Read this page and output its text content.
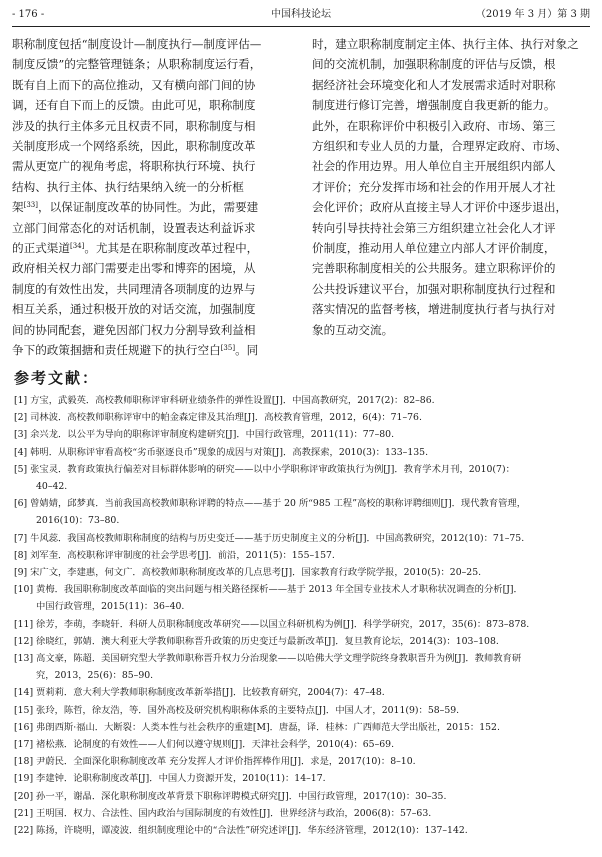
- 176 -	中国科技论坛	（2019 年 3 月）第 3 期
职称制度包括“制度设计—制度执行—制度评估—
制度反馈”的完整管理链条；从职称制度运行看，
既有自上而下的高位推动，又有横向部门间的协
调，还有自下而上的反馈。由此可见，职称制度
涉及的执行主体多元且权责不同，职称制度与相
关制度形成一个网络系统，因此，职称制度改革
需从更宽广的视角考虑，将职称执行环境、执行
结构、执行主体、执行结果纳入统一的分析框
架[33]，以保证制度改革的协同性。为此，需要建
立部门间常态化的对话机制，设置表达利益诉求
的正式渠道[34]。尤其是在职称制度改革过程中，
政府相关权力部门需要走出零和博弈的困境，从
制度的有效性出发，共同理清各项制度的边界与
相互关系，通过积极开放的对话交流，加强制度
间的协同配套，避免因部门权力分割导致利益相
争下的政策掴搪和责任规避下的执行空白[35]。同
时，建立职称制度制定主体、执行主体、执行对象之
间的交流机制，加强职称制度的评估与反馈，根
据经济社会环境变化和人才发展需求适时对职称
制度进行修订完善，增强制度自我更新的能力。
此外，在职称评价中积极引入政府、市场、第三
方组织和专业人员的力量，合理界定政府、市场、
社会的作用边界。用人单位自主开展组织内部人
才评价；充分发挥市场和社会的作用开展人才社
会化评价；政府从直接主导人才评价中逐步退出，
转向引导扶持社会第三方组织建立社会化人才评
价制度，推动用人单位建立内部人才评价制度，
完善职称制度相关的公共服务。建立职称评价的
公共投诉建议平台，加强对职称制度执行过程和
落实情况的监督考核，增进制度执行者与执行对
象的互动交流。
参考文献：
[1] 方宝，武毅英．高校教师职称评审科研业绩条件的弹性设置[J]．中国高教研究，2017(2)：82–86.
[2] 司林波．高校教师职称评审中的帕金森定律及其治理[J]．高校教育管理，2012，6(4)：71–76.
[3] 余兴龙．以公平为导向的职称评审制度构建研究[J]．中国行政管理，2011(11)：77–80.
[4] 韩明．从职称评审看高校“劣币驱逐良币”现象的成因与对策[J]．高教探索，2010(3)：133–135.
[5] 张宝灵．教育政策执行偏差对目标群体影响的研究——以中小学职称评审政策执行为例[J]．教育学术月刊，2010(7)：
40–42.
[6] 曾婧婧，邱梦真．当前我国高校教师职称评聘的特点——基于 20 所“985 工程”高校的职称评聘细则[J]．现代教育管理，
2016(10)：73–80.
[7] 牛风蕊．我国高校教师职称制度的结构与历史变迁——基于历史制度主义的分析[J]．中国高教研究，2012(10)：71–75.
[8] 刘军奎．高校职称评审制度的社会学思考[J]．前沿，2011(5)：155–157.
[9] 宋广文，李建惠，何文广．高校教师职称制度改革的几点思考[J]．国家教育行政学院学报，2010(5)：20–25.
[10] 黄梅．我国职称制度改革面临的突出问题与相关路径探析——基于 2013 年全国专业技术人才职称状况调查的分析[J]．
中国行政管理，2015(11)：36–40.
[11] 徐芳，李萌，李晓轩．科研人员职称制度改革研究——以国立科研机构为例[J]．科学学研究，2017，35(6)：873–878.
[12] 徐晓红，郭婧．澳大利亚大学教师职称晋升政策的历史变迁与最新改革[J]．复旦教育论坛，2014(3)：103–108.
[13] 高文豪，陈超．美国研究型大学教师职称晋升权力分治现象——以哈佛大学文理学院终身教职晋升为例[J]．教师教育研
究，2013，25(6)：85–90.
[14] 贾莉莉．意大利大学教师职称制度改革新举措[J]．比较教育研究，2004(7)：47–48.
[15] 张玲，陈哲，徐友浩，等．国外高校及研究机构职称体系的主要特点[J]．中国人才，2011(9)：58–59.
[16] 弗朗西斯·福山．大断裂：人类本性与社会秩序的重建[M]．唐磊，译．桂林：广西师范大学出版社，2015：152.
[17] 褚松燕．论制度的有效性——人们何以遵守规则[J]．天津社会科学，2010(4)：65–69.
[18] 尹蔚民．全面深化职称制度改革 充分发挥人才评价指挥棒作用[J]．求是，2017(10)：8–10.
[19] 李建钟．论职称制度改革[J]．中国人力资源开发，2010(11)：14–17.
[20] 孙一平，谢晶．深化职称制度改革背景下职称评聘模式研究[J]．中国行政管理，2017(10)：30–35.
[21] 王明国．权力、合法性、国内政治与国际制度的有效性[J]．世界经济与政治，2006(8)：57–63.
[22] 陈扬，许晓明，谭凌波．组织制度理论中的“合法性”研究述评[J]．华东经济管理，2012(10)：137–142.
